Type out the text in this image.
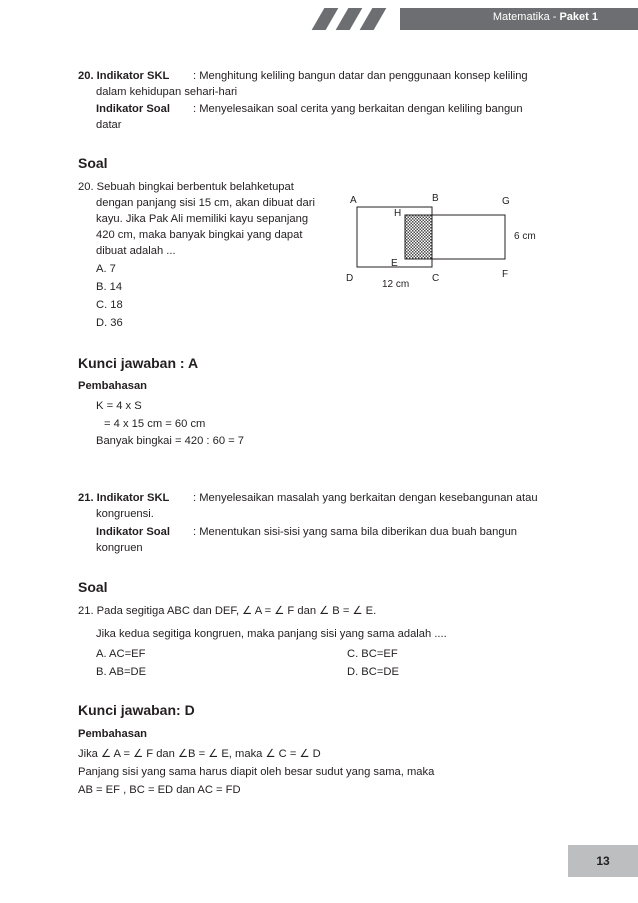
Matematika - Paket 1
20. Indikator SKL : Menghitung keliling bangun datar dan penggunaan konsep keliling
dalam kehidupan sehari-hari
Indikator Soal : Menyelesaikan soal cerita yang berkaitan dengan keliling bangun
datar
Soal
20. Sebuah bingkai berbentuk belahketupat
dengan panjang sisi 15 cm, akan dibuat dari
kayu. Jika Pak Ali memiliki kayu sepanjang
420 cm, maka banyak bingkai yang dapat
dibuat adalah ...
A. 7
B. 14
C. 18
D. 36
A	B	G
H
E
D	C	F
12 cm
6 cm
Kunci jawaban : A
Pembahasan
K = 4 x S
= 4 x 15 cm = 60 cm
Banyak bingkai = 420 : 60 = 7
21. Indikator SKL : Menyelesaikan masalah yang berkaitan dengan kesebangunan atau
kongruensi.
Indikator Soal : Menentukan sisi-sisi yang sama bila diberikan dua buah bangun
kongruen
Soal
21. Pada segitiga ABC dan DEF, ∠ A = ∠ F dan ∠ B = ∠ E.
Jika kedua segitiga kongruen, maka panjang sisi yang sama adalah ....
A. AC=EF	C. BC=EF
B. AB=DE	D. BC=DE
Kunci jawaban: D
Pembahasan
Jika ∠ A = ∠ F dan ∠B = ∠ E, maka ∠ C = ∠ D
Panjang sisi yang sama harus diapit oleh besar sudut yang sama, maka
AB = EF , BC = ED dan AC = FD
13
